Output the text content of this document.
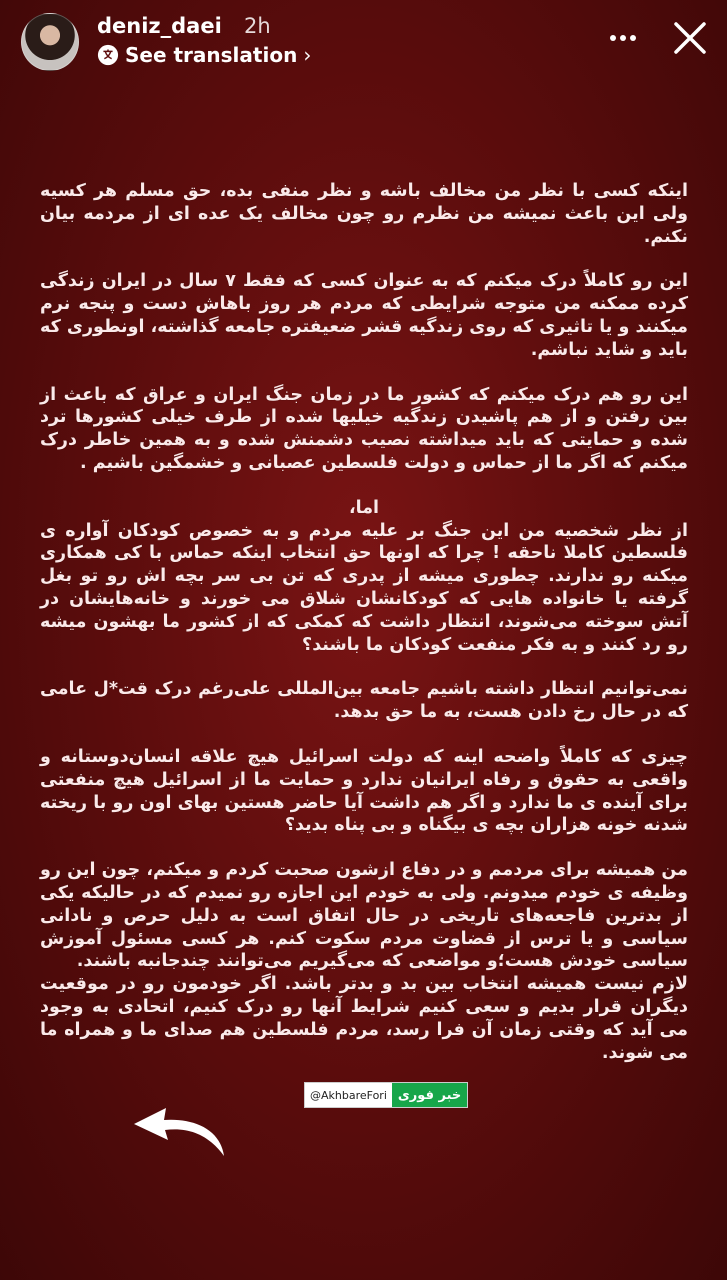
deniz_daei 2h
See translation ›

اینکه کسی با نظر من مخالف باشه و نظر منفی بده، حق مسلم هر کسیه ولی این باعث نمیشه من نظرم رو چون مخالف یک عده ای از مردمه بیان نکنم.

این رو کاملاً درک میکنم که به عنوان کسی که فقط ۷ سال در ایران زندگی کرده ممکنه من متوجه شرایطی که مردم هر روز باهاش دست و پنجه نرم میکنند و یا تاثیری که روی زندگیه قشر ضعیفتره جامعه گذاشته، اونطوری که باید و شاید نباشم.

این رو هم درک میکنم که کشور ما در زمان جنگ ایران و عراق که باعث از بین رفتن و از هم پاشیدن زندگیه خیلیها شده از طرف خیلی کشورها ترد شده و حمایتی که باید میداشته نصیب دشمنش شده و به همین خاطر درک میکنم که اگر ما از حماس و دولت فلسطین عصبانی و خشمگین باشیم .

اما،

از نظر شخصیه من این جنگ بر علیه مردم و به خصوص کودکان آواره ی فلسطین کاملا ناحقه ! چرا که اونها حق انتخاب اینکه حماس با کی همکاری میکنه رو ندارند. چطوری میشه از پدری که تن بی سر بچه اش رو تو بغل گرفته یا خانواده هایی که کودکانشان شلاق می خورند و خانه‌هایشان در آتش سوخته می‌شوند، انتظار داشت که کمکی که از کشور ما بهشون میشه رو رد کنند و به فکر منفعت کودکان ما باشند؟

نمی‌توانیم انتظار داشته باشیم جامعه بین‌المللی علی‌رغم درک قت*ل عامی که در حال رخ دادن هست، به ما حق بدهد.

چیزی که کاملاً واضحه اینه که دولت اسرائیل هیچ علاقه انسان‌دوستانه و واقعی به حقوق و رفاه ایرانیان ندارد و حمایت ما از اسرائیل هیچ منفعتی برای آینده ی ما ندارد و اگر هم داشت آیا حاضر هستین بهای اون رو با ریخته شدنه خونه هزاران بچه ی بیگناه و بی پناه بدید؟

من همیشه برای مردمم و در دفاع ازشون صحبت کردم و میکنم، چون این رو وظیفه ی خودم میدونم. ولی به خودم این اجازه رو نمیدم که در حالیکه یکی از بدترین فاجعه‌های تاریخی در حال اتفاق است به دلیل حرص و نادانی سیاسی و یا ترس از قضاوت مردم سکوت کنم. هر کسی مسئول آموزش سیاسی خودش هست؛و مواضعی که می‌گیریم می‌توانند چندجانبه باشند.

لازم نیست همیشه انتخاب بین بد و بدتر باشد. اگر خودمون رو در موقعیت دیگران قرار بدیم و سعی کنیم شرایط آنها رو درک کنیم، اتحادی به وجود می آید که وقتی زمان آن فرا رسد، مردم فلسطین هم صدای ما و همراه ما می شوند.

@AkhbareFori خبر فوری
